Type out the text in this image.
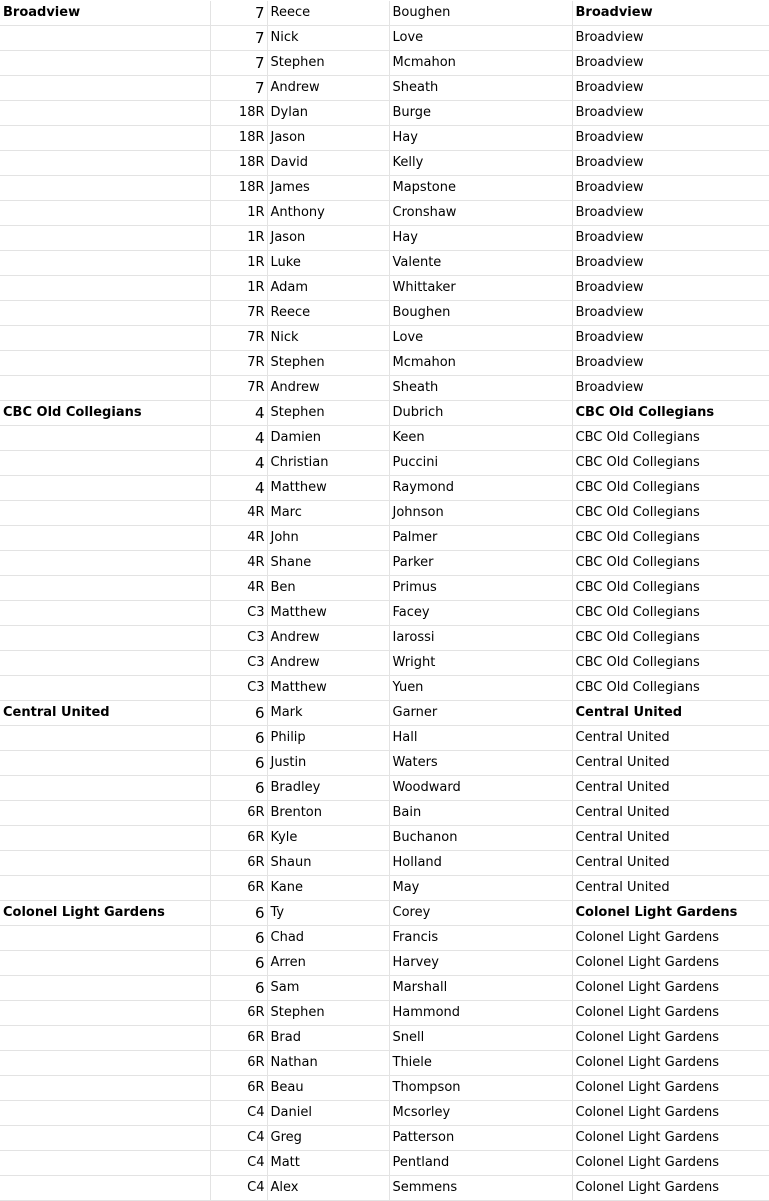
Broadview	7	Reece	Boughen	Broadview
	7	Nick	Love	Broadview
	7	Stephen	Mcmahon	Broadview
	7	Andrew	Sheath	Broadview
	18R	Dylan	Burge	Broadview
	18R	Jason	Hay	Broadview
	18R	David	Kelly	Broadview
	18R	James	Mapstone	Broadview
	1R	Anthony	Cronshaw	Broadview
	1R	Jason	Hay	Broadview
	1R	Luke	Valente	Broadview
	1R	Adam	Whittaker	Broadview
	7R	Reece	Boughen	Broadview
	7R	Nick	Love	Broadview
	7R	Stephen	Mcmahon	Broadview
	7R	Andrew	Sheath	Broadview
CBC Old Collegians	4	Stephen	Dubrich	CBC Old Collegians
	4	Damien	Keen	CBC Old Collegians
	4	Christian	Puccini	CBC Old Collegians
	4	Matthew	Raymond	CBC Old Collegians
	4R	Marc	Johnson	CBC Old Collegians
	4R	John	Palmer	CBC Old Collegians
	4R	Shane	Parker	CBC Old Collegians
	4R	Ben	Primus	CBC Old Collegians
	C3	Matthew	Facey	CBC Old Collegians
	C3	Andrew	Iarossi	CBC Old Collegians
	C3	Andrew	Wright	CBC Old Collegians
	C3	Matthew	Yuen	CBC Old Collegians
Central United	6	Mark	Garner	Central United
	6	Philip	Hall	Central United
	6	Justin	Waters	Central United
	6	Bradley	Woodward	Central United
	6R	Brenton	Bain	Central United
	6R	Kyle	Buchanon	Central United
	6R	Shaun	Holland	Central United
	6R	Kane	May	Central United
Colonel Light Gardens	6	Ty	Corey	Colonel Light Gardens
	6	Chad	Francis	Colonel Light Gardens
	6	Arren	Harvey	Colonel Light Gardens
	6	Sam	Marshall	Colonel Light Gardens
	6R	Stephen	Hammond	Colonel Light Gardens
	6R	Brad	Snell	Colonel Light Gardens
	6R	Nathan	Thiele	Colonel Light Gardens
	6R	Beau	Thompson	Colonel Light Gardens
	C4	Daniel	Mcsorley	Colonel Light Gardens
	C4	Greg	Patterson	Colonel Light Gardens
	C4	Matt	Pentland	Colonel Light Gardens
	C4	Alex	Semmens	Colonel Light Gardens
